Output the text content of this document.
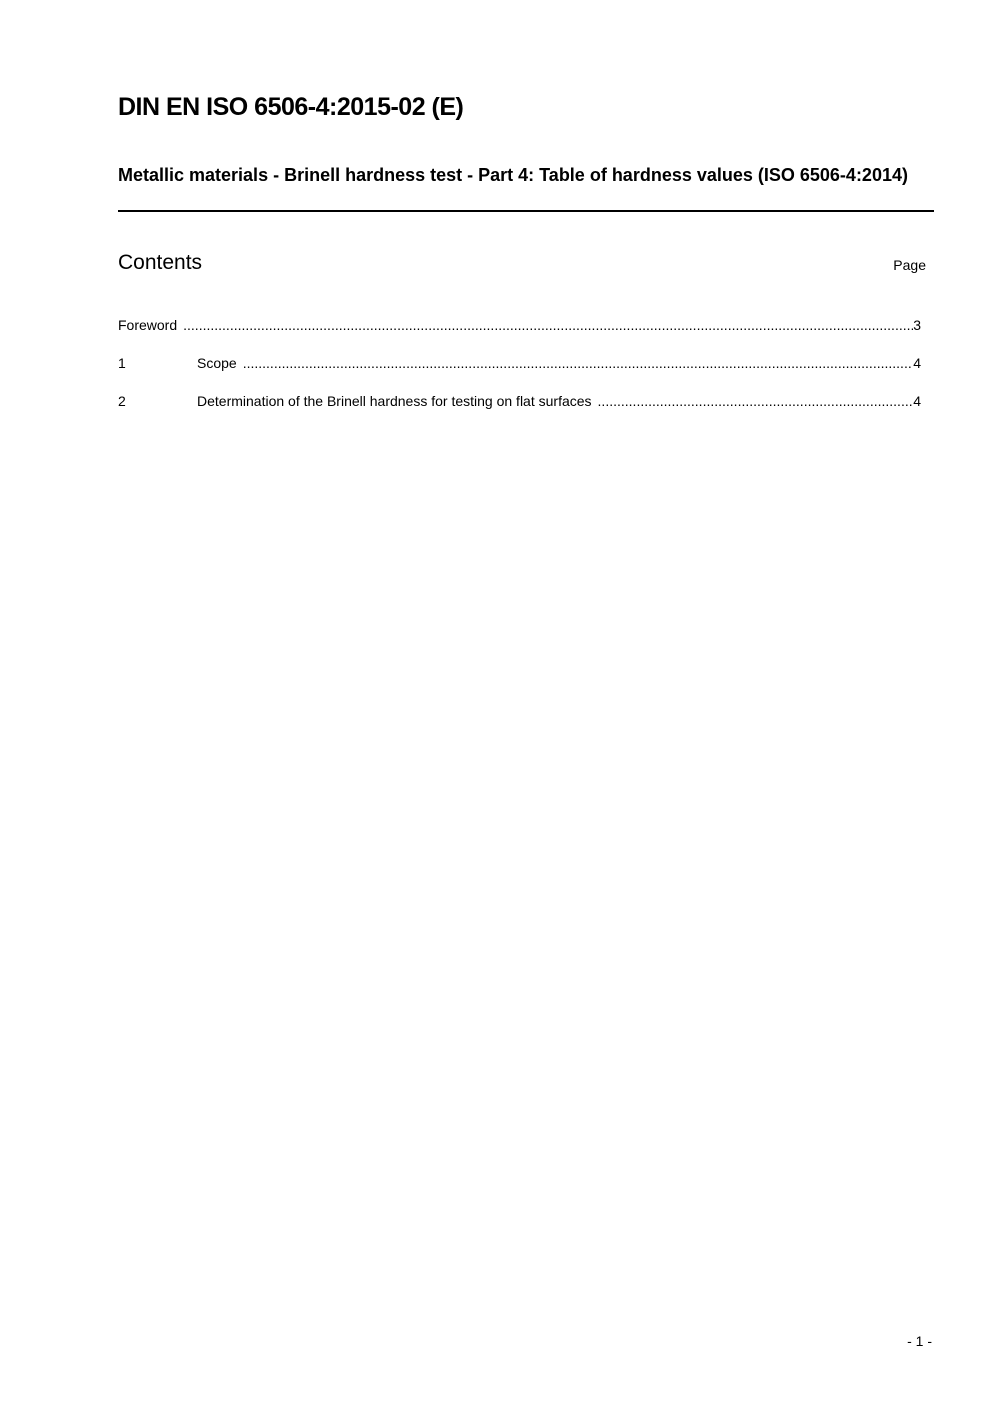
DIN EN ISO 6506-4:2015-02 (E)
Metallic materials - Brinell hardness test - Part 4: Table of hardness values (ISO 6506-4:2014)
Contents	Page
Foreword .....	3
1	Scope .....	4
2	Determination of the Brinell hardness for testing on flat surfaces .....	4
- 1 -
